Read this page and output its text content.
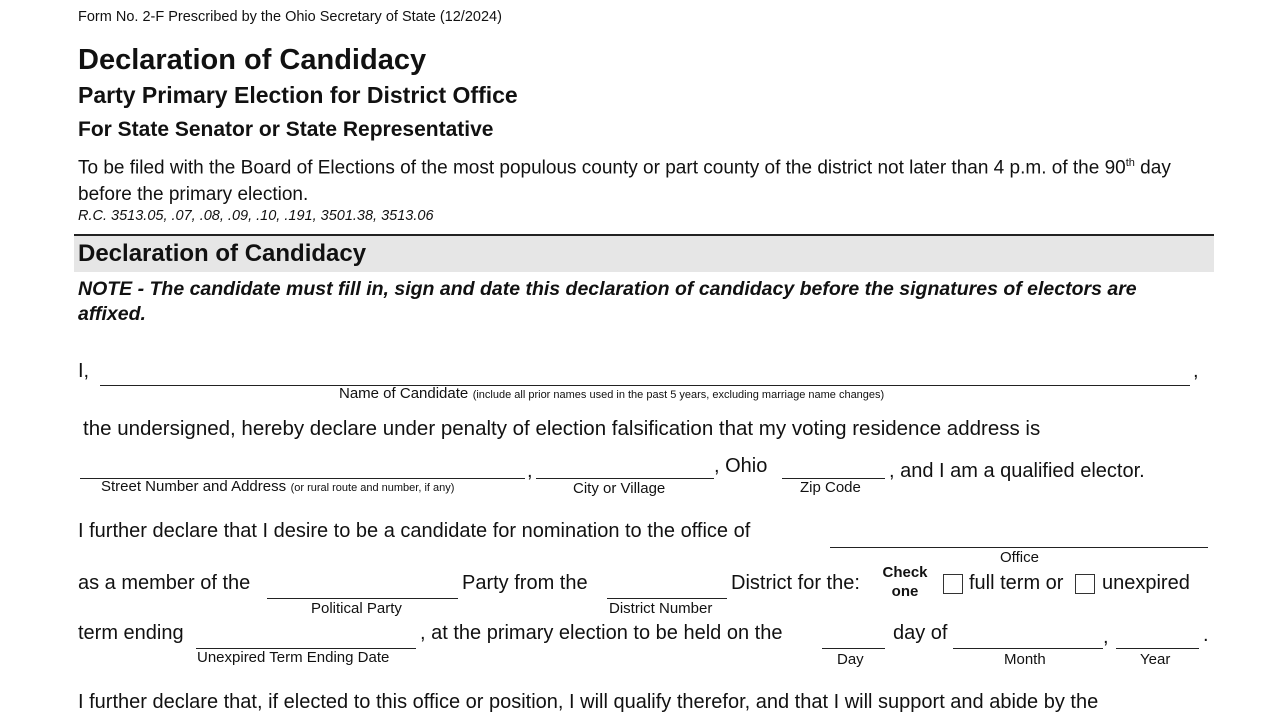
Form No. 2-F Prescribed by the Ohio Secretary of State (12/2024)
Declaration of Candidacy
Party Primary Election for District Office
For State Senator or State Representative
To be filed with the Board of Elections of the most populous county or part county of the district not later than 4 p.m. of the 90th day before the primary election.
R.C. 3513.05, .07, .08, .09, .10, .191, 3501.38, 3513.06
Declaration of Candidacy
NOTE - The candidate must fill in, sign and date this declaration of candidacy before the signatures of electors are affixed.
I,	,
Name of Candidate (include all prior names used in the past 5 years, excluding marriage name changes)
the undersigned, hereby declare under penalty of election falsification that my voting residence address is
,	, Ohio	, and I am a qualified elector.
Street Number and Address (or rural route and number, if any)	City or Village	Zip Code
I further declare that I desire to be a candidate for nomination to the office of
Office
as a member of the	Party from the	District for the:	Check one	full term or unexpired
Political Party	District Number
term ending	, at the primary election to be held on the	day of	,	.
Unexpired Term Ending Date	Day	Month	Year
I further declare that, if elected to this office or position, I will qualify therefor, and that I will support and abide by the
